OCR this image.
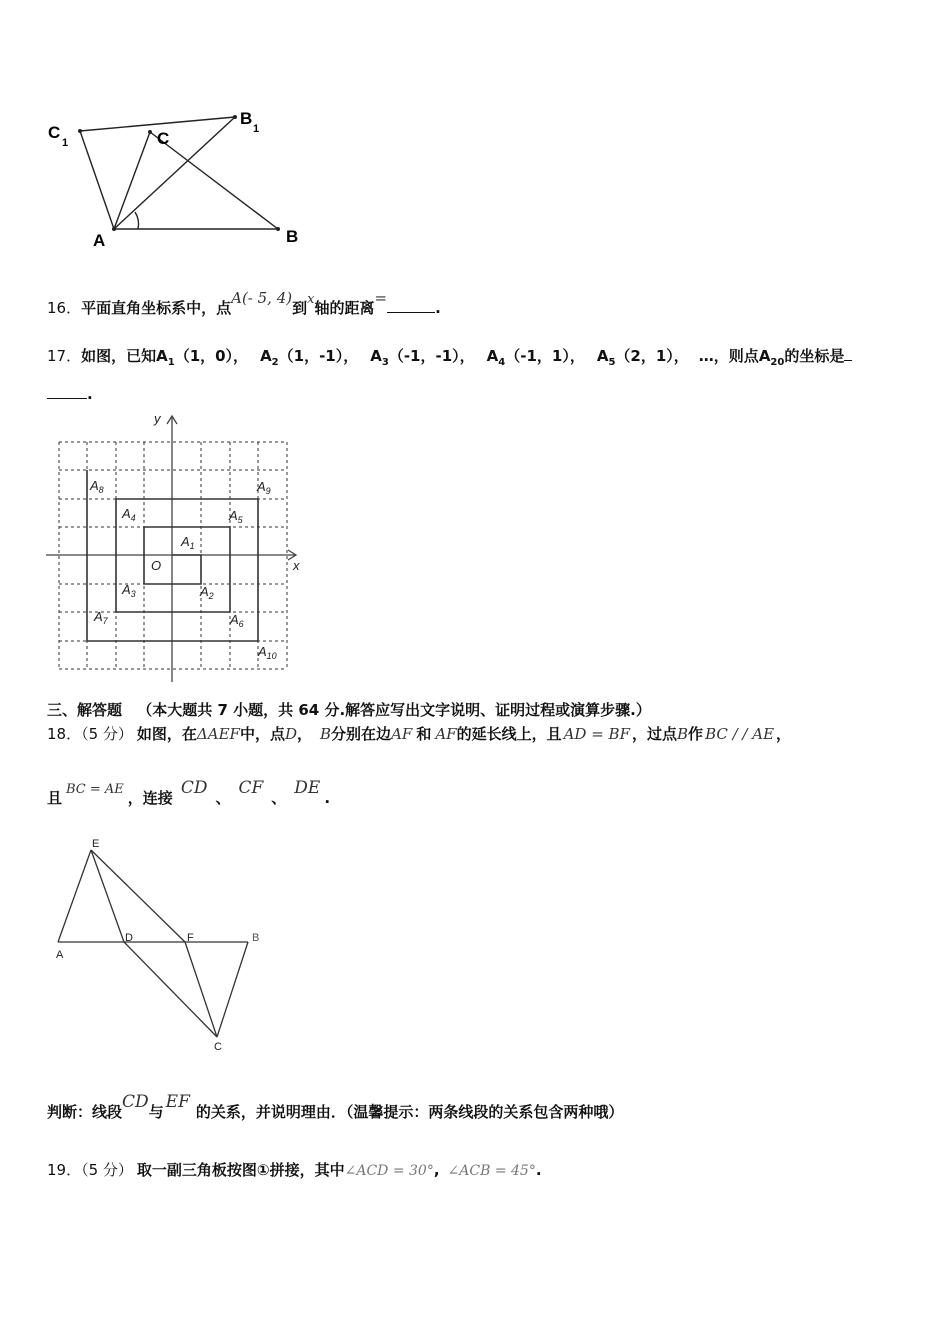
C
1	C
B
1
A	B
16．平面直角坐标系中，点A(- 5, 4)到x轴的距离=.
17．如图，已知$A_1(1$，0）， $A_2(1$，-1）， $A_3(-1$，-1）， $A_4(-1$，1）， $A_5(2$，1）， …，则点$A_{20}$的坐标是
.
x
y
O
$A_1$
$A_2$
$A_3$
$A_4$	$A_5$
$A_6$
$A_7$
$A_8$	$A_9$
$A_{10}$
三、解答题 （本大题共 7 小题，共 64 分.解答应写出文字说明、证明过程或演算步骤.）
18．（5 分） 如图，在ΔAEF中，点D， B分别在边AF 和 AF的延长线上，且 AD = BF ，过点B作 BC / / AE ，
且 BC = AE ，连接 CD 、 CF 、 DE .
E
A
D	F	B
C
判断：线段CD与 EF 的关系，并说明理由．（温馨提示：两条线段的关系包含两种哦）
19．（5 分） 取一副三角板按图①拼接，其中∠ACD = 30°, ∠ACB = 45°.
